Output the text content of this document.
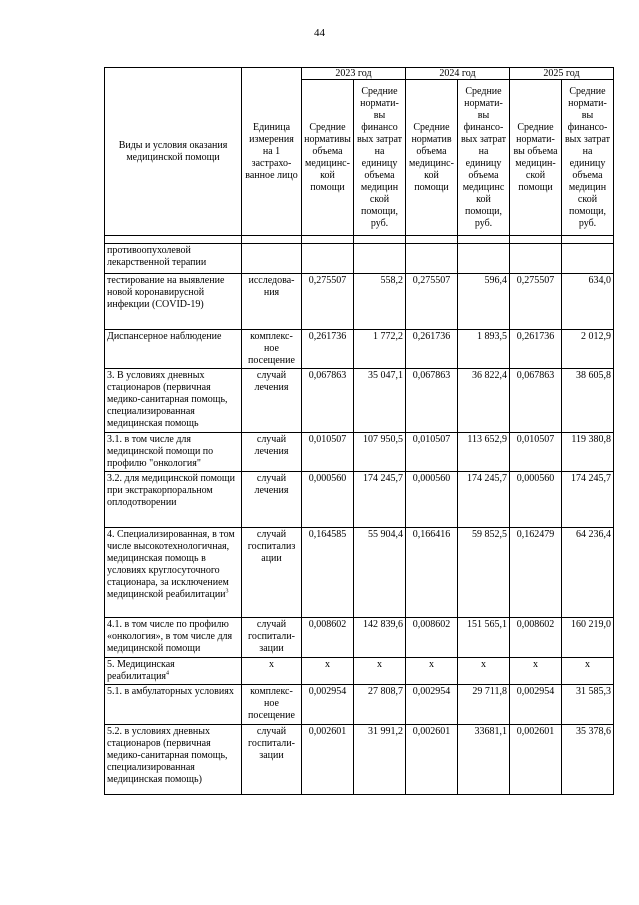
44
Виды и условия оказания медицинской помощи	Единица измерения на 1 застрахо-ванное лицо	2023 год		2024 год		2025 год	
		Средние нормативы объема медицинс-кой помощи	Средние нормати-вы финансо вых затрат на единицу объема медицин ской помощи, руб.	Средние норматив объема медицинс-кой помощи	Средние нормати-вы финансо-вых затрат на единицу объема медицинс кой помощи, руб.	Средние нормати-вы объема медицин-ской помощи	Средние нормати-вы финансо-вых затрат на единицу объема медицин ской помощи, руб.

противоопухолевой лекарственной терапии							
тестирование на выявление новой коронавирусной инфекции (COVID-19)	исследова-ния	0,275507	558,2	0,275507	596,4	0,275507	634,0
Диспансерное наблюдение	комплекс-ное посещение	0,261736	1 772,2	0,261736	1 893,5	0,261736	2 012,9
3. В условиях дневных стационаров (первичная медико-санитарная помощь, специализированная медицинская помощь	случай лечения	0,067863	35 047,1	0,067863	36 822,4	0,067863	38 605,8
3.1. в том числе для медицинской помощи по профилю "онкология"	случай лечения	0,010507	107 950,5	0,010507	113 652,9	0,010507	119 380,8
3.2. для медицинской помощи при экстракорпоральном оплодотворении	случай лечения	0,000560	174 245,7	0,000560	174 245,7	0,000560	174 245,7
4. Специализированная, в том числе высокотехнологичная, медицинская помощь в условиях круглосуточного стационара, за исключением медицинской реабилитации$^3$	случай госпитализ ации	0,164585	55 904,4	0,166416	59 852,5	0,162479	64 236,4
4.1. в том числе по профилю «онкология», в том числе для медицинской помощи	случай госпитали-зации	0,008602	142 839,6	0,008602	151 565,1	0,008602	160 219,0
5. Медицинская реабилитация$^4$	х	х	х	х	х	х	х
5.1. в амбулаторных условиях	комплекс-ное посещение	0,002954	27 808,7	0,002954	29 711,8	0,002954	31 585,3
5.2. в условиях дневных стационаров (первичная медико-санитарная помощь, специализированная медицинская помощь)	случай госпитали-зации	0,002601	31 991,2	0,002601	33681,1	0,002601	35 378,6
